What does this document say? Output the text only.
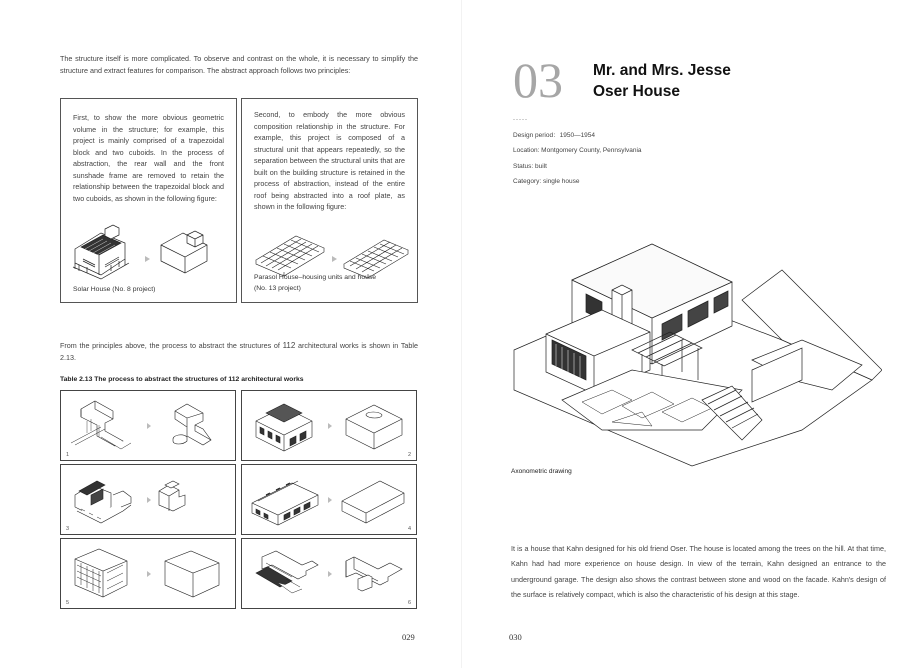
The structure itself is more complicated. To observe and contrast on the whole, it is necessary to simplify the structure and extract features for comparison. The abstract approach follows two principles:

First, to show the more obvious geometric volume in the structure; for example, this project is mainly comprised of a trapezoidal block and two cuboids. In the process of abstraction, the rear wall and the front sunshade frame are removed to retain the relationship between the trapezoidal block and two cuboids, as shown in the following figure:

Solar House (No. 8 project)

Second, to embody the more obvious composition relationship in the structure. For example, this project is composed of a structural unit that appears repeatedly, so the separation between the structural units that are built on the building structure is retained in the process of abstraction, instead of the entire roof being abstracted into a roof plate, as shown in the following figure:

Parasol House–housing units and house
(No. 13 project)

From the principles above, the process to abstract the structures of 112 architectural works is shown in Table 2.13.

Table 2.13 The process to abstract the structures of 112 architectural works
1	2
3	4
5	6
029
03 Mr. and Mrs. Jesse
Oser House
-----
Design period：1950—1954
Location: Montgomery County, Pennsylvania
Status: built
Category: single house
Axonometric drawing

It is a house that Kahn designed for his old friend Oser. The house is located among the trees on the hill. At that time, Kahn had had more experience on house design. In view of the terrain, Kahn designed an entrance to the underground garage. The design also shows the contrast between stone and wood on the facade. Kahn's design of the surface is relatively compact, which is also the characteristic of his design at this stage.

030
